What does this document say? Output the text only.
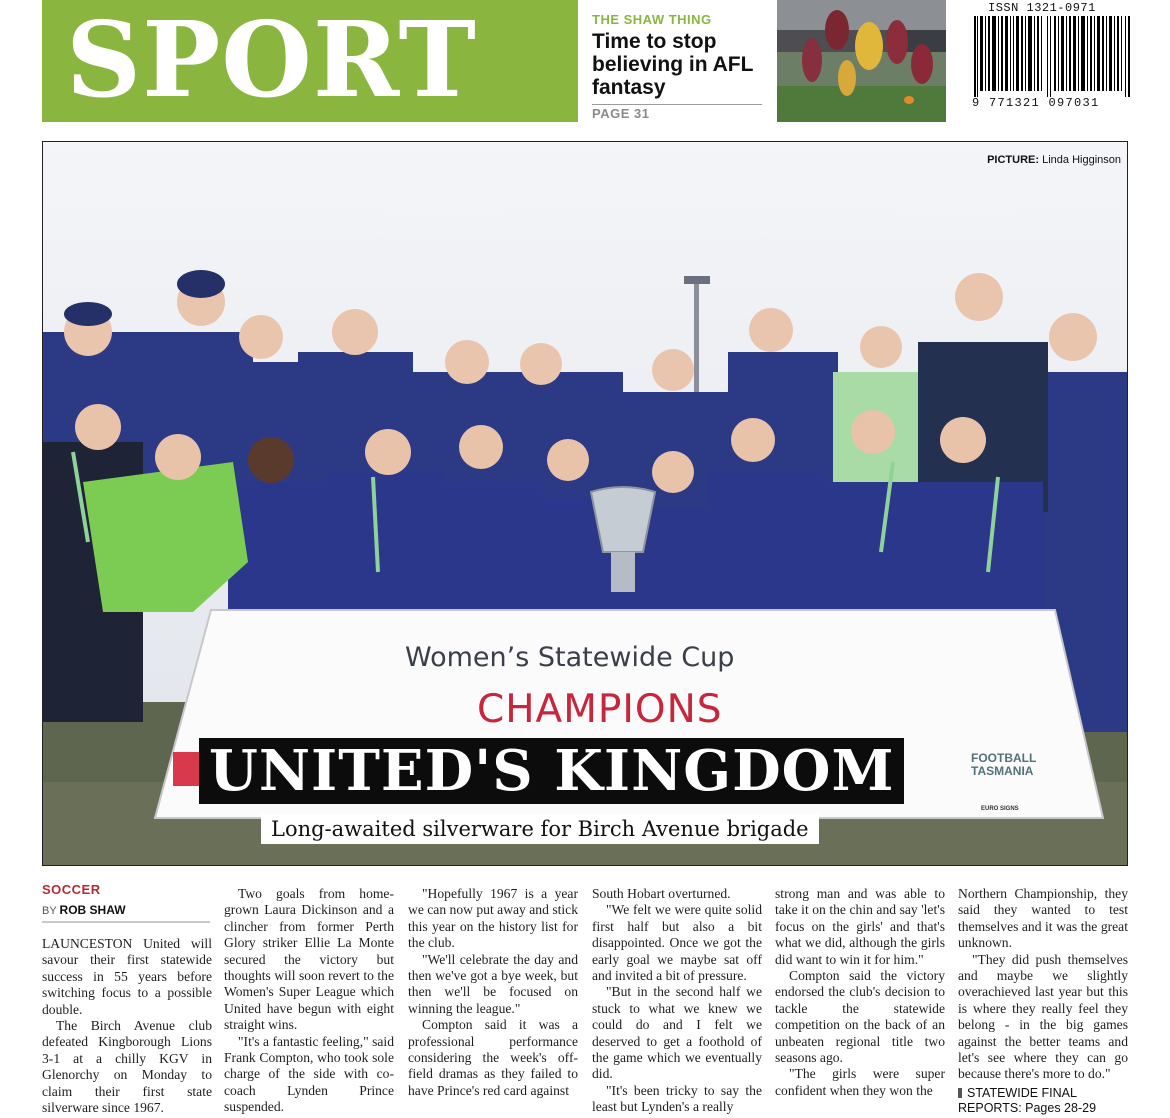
SPORT	THE SHAW THING
Time to stop believing in AFL fantasy
PAGE 31
ISSN 1321-0971
9 771321 097031
PICTURE: Linda Higginson
Women’s Statewide Cup
CHAMPIONS
FOOTBALL TASMANIA
EURO SIGNS
UNITED'S KINGDOM
Long-awaited silverware for Birch Avenue brigade
SOCCER
BY ROB SHAW

LAUNCESTON United will savour their first statewide success in 55 years before switching focus to a possible double.

The Birch Avenue club defeated Kingborough Lions 3-1 at a chilly KGV in Glenorchy on Monday to claim their first state silverware since 1967.

Two goals from home-grown Laura Dickinson and a clincher from former Perth Glory striker Ellie La Monte secured the victory but thoughts will soon revert to the Women's Super League which United have begun with eight straight wins.

"It's a fantastic feeling," said Frank Compton, who took sole charge of the side with co-coach Lynden Prince suspended.

"Hopefully 1967 is a year we can now put away and stick this year on the history list for the club.

"We'll celebrate the day and then we've got a bye week, but then we'll be focused on winning the league."

Compton said it was a professional performance considering the week's off-field dramas as they failed to have Prince's red card against

South Hobart overturned.

"We felt we were quite solid first half but also a bit disappointed. Once we got the early goal we maybe sat off and invited a bit of pressure.

"But in the second half we stuck to what we knew we could do and I felt we deserved to get a foothold of the game which we eventually did.

"It's been tricky to say the least but Lynden's a really

strong man and was able to take it on the chin and say 'let's focus on the girls' and that's what we did, although the girls did want to win it for him."

Compton said the victory endorsed the club's decision to tackle the statewide competition on the back of an unbeaten regional title two seasons ago.

"The girls were super confident when they won the

Northern Championship, they said they wanted to test themselves and it was the great unknown.

"They did push themselves and maybe we slightly overachieved last year but this is where they really feel they belong - in the big games against the better teams and let's see where they can go because there's more to do."

STATEWIDE FINAL
REPORTS: Pages 28-29
